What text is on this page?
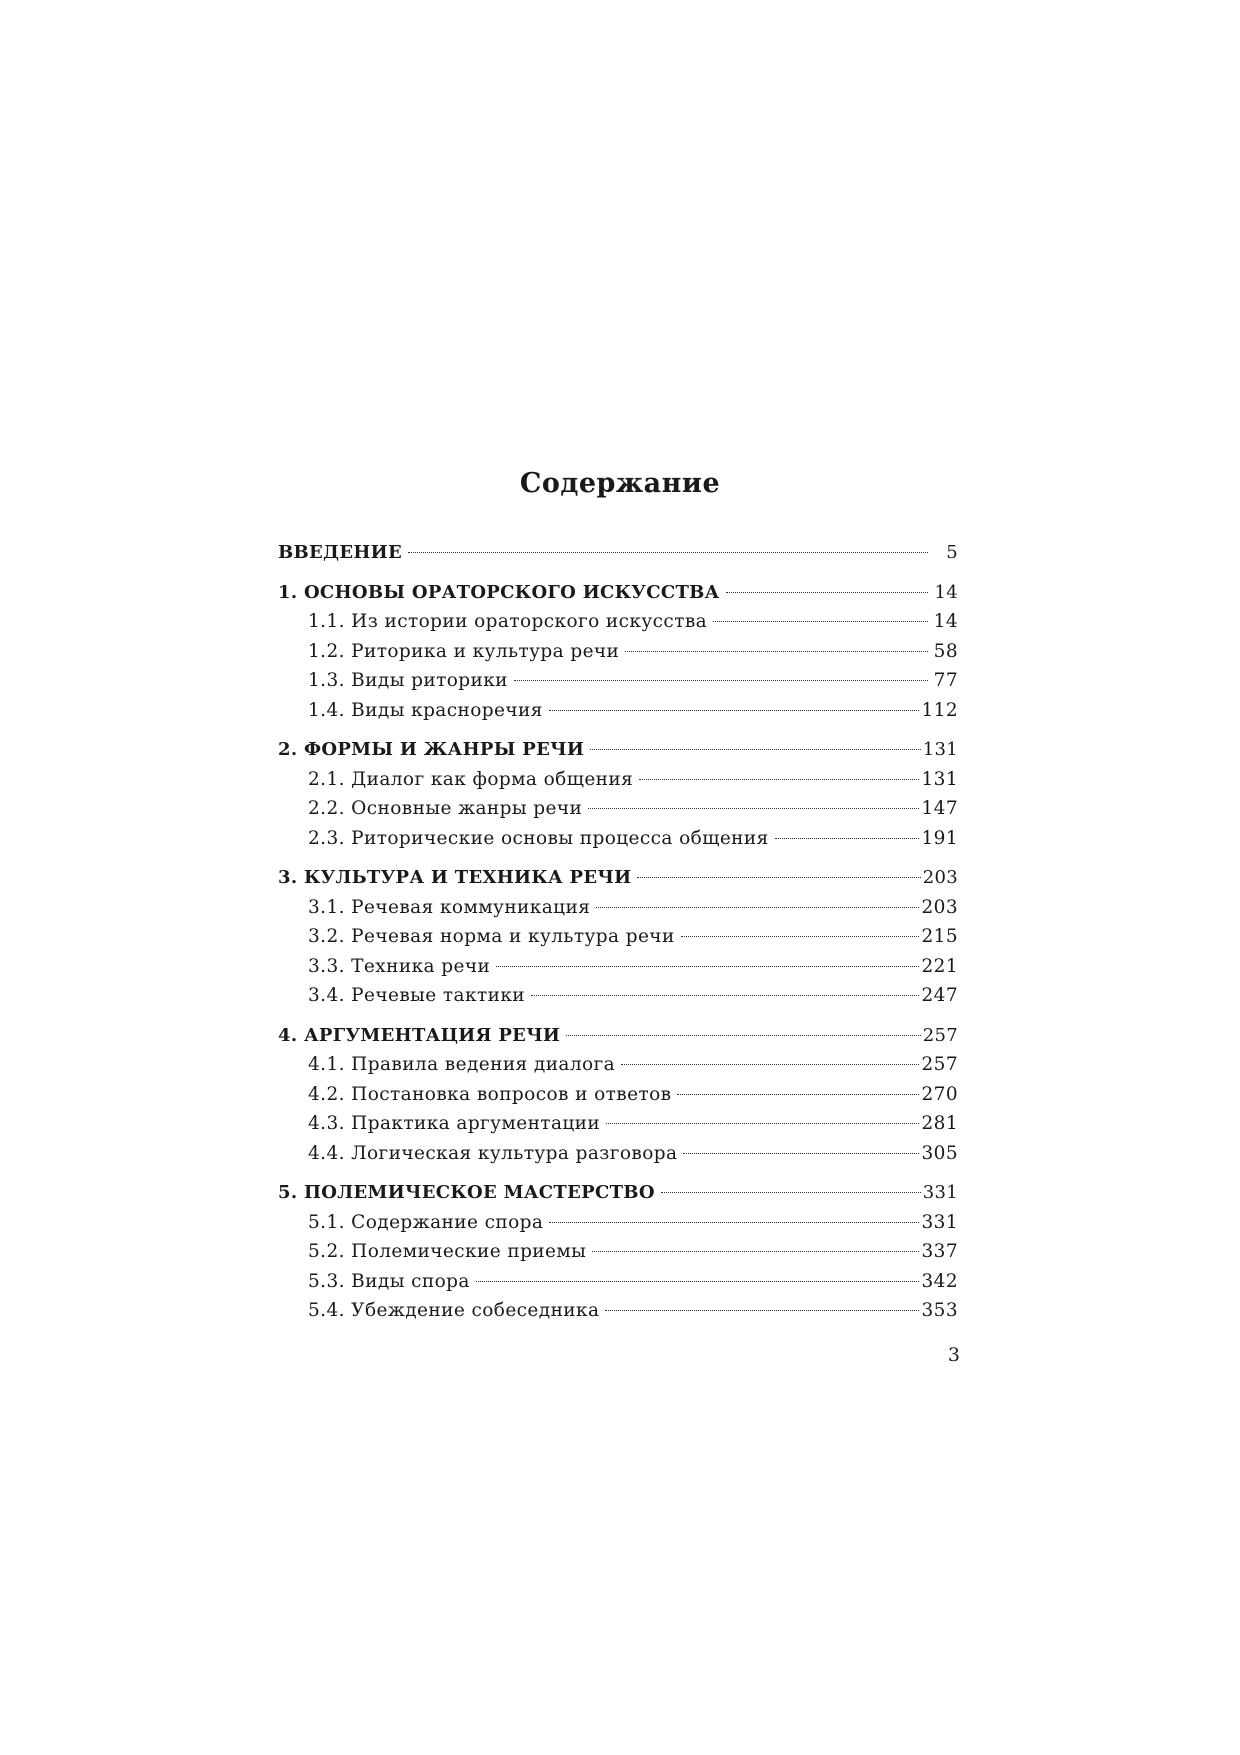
Содержание
ВВЕДЕНИЕ	5
1. ОСНОВЫ ОРАТОРСКОГО ИСКУССТВА	14
1.1. Из истории ораторского искусства	14
1.2. Риторика и культура речи	58
1.3. Виды риторики	77
1.4. Виды красноречия	112
2. ФОРМЫ И ЖАНРЫ РЕЧИ	131
2.1. Диалог как форма общения	131
2.2. Основные жанры речи	147
2.3. Риторические основы процесса общения	191
3. КУЛЬТУРА И ТЕХНИКА РЕЧИ	203
3.1. Речевая коммуникация	203
3.2. Речевая норма и культура речи	215
3.3. Техника речи	221
3.4. Речевые тактики	247
4. АРГУМЕНТАЦИЯ РЕЧИ	257
4.1. Правила ведения диалога	257
4.2. Постановка вопросов и ответов	270
4.3. Практика аргументации	281
4.4. Логическая культура разговора	305
5. ПОЛЕМИЧЕСКОЕ МАСТЕРСТВО	331
5.1. Содержание спора	331
5.2. Полемические приемы	337
5.3. Виды спора	342
5.4. Убеждение собеседника	353
3
